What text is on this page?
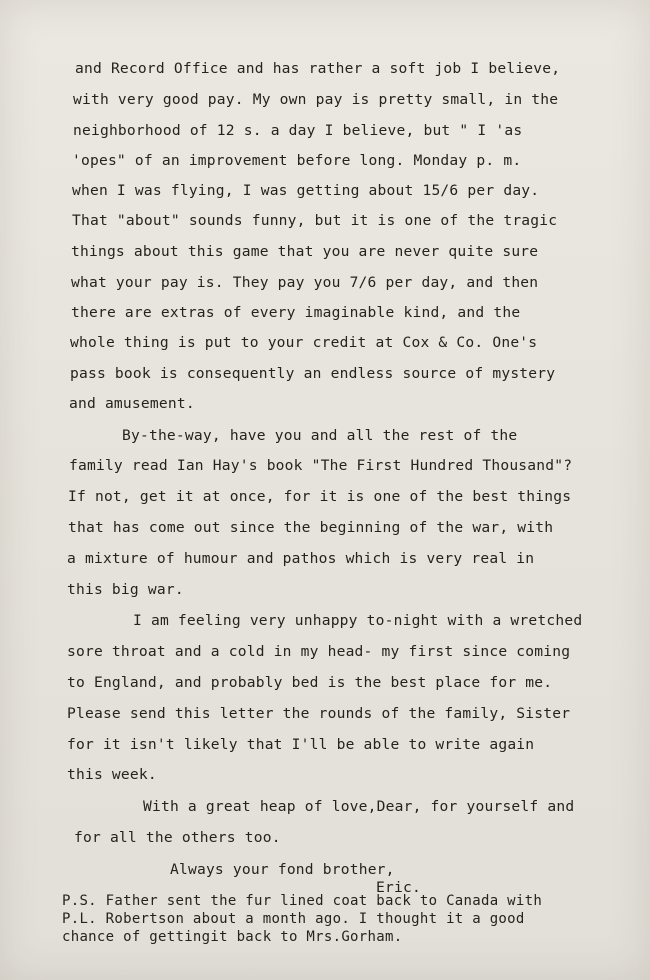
and Record Office and has rather a soft job I believe,
with very good pay. My own pay is pretty small, in the
neighborhood of 12 s. a day I believe, but " I 'as
'opes" of an improvement before long. Monday p. m.
when I was flying, I was getting about 15/6 per day.
That "about" sounds funny, but it is one of the tragic
things about this game that you are never quite sure
what your pay is. They pay you 7/6 per day, and then
there are extras of every imaginable kind, and the
whole thing is put to your credit at Cox & Co. One's
pass book is consequently an endless source of mystery
and amusement.
By-the-way, have you and all the rest of the
family read Ian Hay's book "The First Hundred Thousand"?
If not, get it at once, for it is one of the best things
that has come out since the beginning of the war, with
a mixture of humour and pathos which is very real in
this big war.
I am feeling very unhappy to-night with a wretched
sore throat and a cold in my head- my first since coming
to England, and probably bed is the best place for me.
Please send this letter the rounds of the family, Sister
for it isn't likely that I'll be able to write again
this week.
With a great heap of love,Dear, for yourself and
for all the others too.
Always your fond brother,
Eric.
P.S. Father sent the fur lined coat back to Canada with
P.L. Robertson about a month ago. I thought it a good
chance of gettingit back to Mrs.Gorham.
